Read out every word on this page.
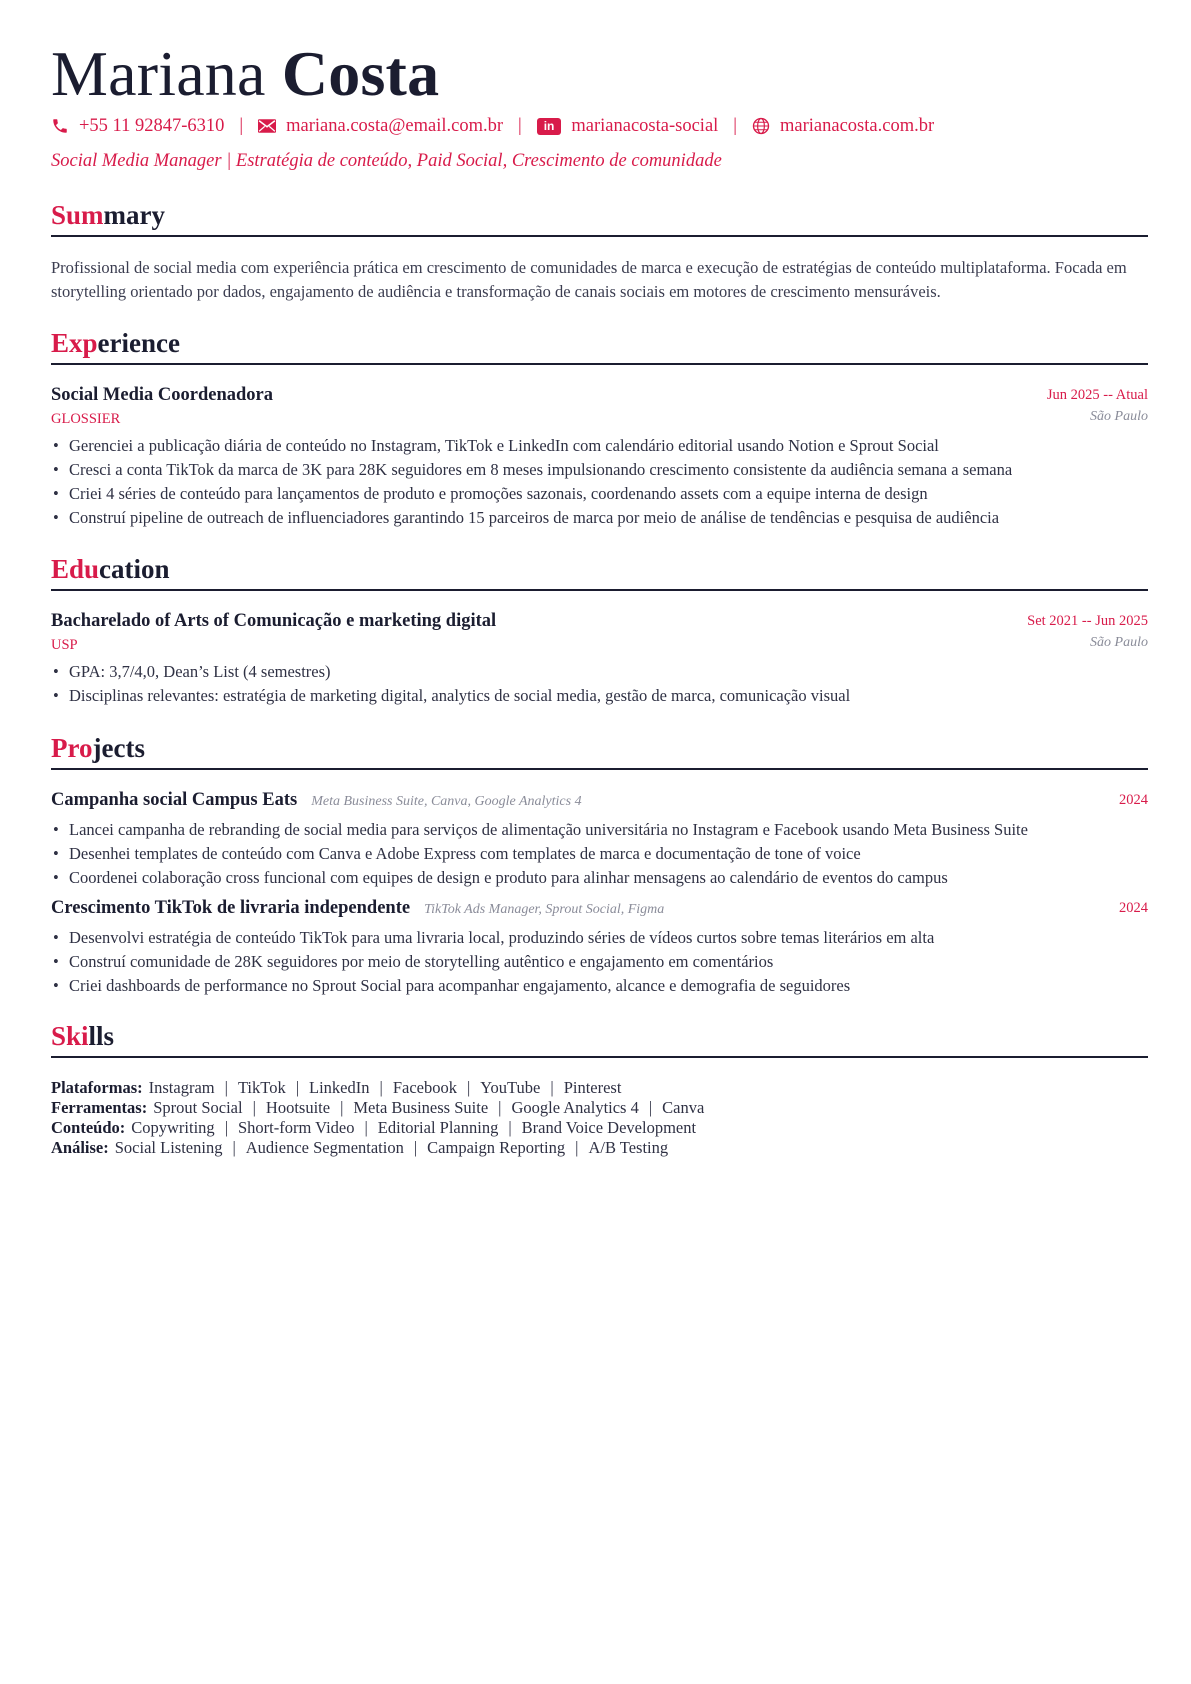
Mariana Costa
+55 11 92847-6310 | mariana.costa@email.com.br |	in marianacosta-social | marianacosta.com.br
Social Media Manager | Estratégia de conteúdo, Paid Social, Crescimento de comunidade
Summary
Profissional de social media com experiência prática em crescimento de comunidades de marca e execução de estratégias de conteúdo multiplataforma. Focada em storytelling orientado por dados, engajamento de audiência e transformação de canais sociais em motores de crescimento mensuráveis.
Experience
Social Media Coordenadora	Jun 2025 -- Atual
GLOSSIER	São Paulo
• Gerenciei a publicação diária de conteúdo no Instagram, TikTok e LinkedIn com calendário editorial usando Notion e Sprout Social
• Cresci a conta TikTok da marca de 3K para 28K seguidores em 8 meses impulsionando crescimento consistente da audiência semana a semana
• Criei 4 séries de conteúdo para lançamentos de produto e promoções sazonais, coordenando assets com a equipe interna de design
• Construí pipeline de outreach de influenciadores garantindo 15 parceiros de marca por meio de análise de tendências e pesquisa de audiência
Education
Bacharelado of Arts of Comunicação e marketing digital	Set 2021 -- Jun 2025
USP	São Paulo
• GPA: 3,7/4,0, Dean’s List (4 semestres)
• Disciplinas relevantes: estratégia de marketing digital, analytics de social media, gestão de marca, comunicação visual
Projects
Campanha social Campus Eats Meta Business Suite, Canva, Google Analytics 4	2024
• Lancei campanha de rebranding de social media para serviços de alimentação universitária no Instagram e Facebook usando Meta Business Suite
• Desenhei templates de conteúdo com Canva e Adobe Express com templates de marca e documentação de tone of voice
• Coordenei colaboração cross funcional com equipes de design e produto para alinhar mensagens ao calendário de eventos do campus
Crescimento TikTok de livraria independente TikTok Ads Manager, Sprout Social, Figma	2024
• Desenvolvi estratégia de conteúdo TikTok para uma livraria local, produzindo séries de vídeos curtos sobre temas literários em alta
• Construí comunidade de 28K seguidores por meio de storytelling autêntico e engajamento em comentários
• Criei dashboards de performance no Sprout Social para acompanhar engajamento, alcance e demografia de seguidores
Skills
Plataformas: Instagram | TikTok | LinkedIn | Facebook | YouTube | Pinterest
Ferramentas: Sprout Social | Hootsuite | Meta Business Suite | Google Analytics 4 | Canva
Conteúdo: Copywriting | Short-form Video | Editorial Planning | Brand Voice Development
Análise: Social Listening | Audience Segmentation | Campaign Reporting | A/B Testing
